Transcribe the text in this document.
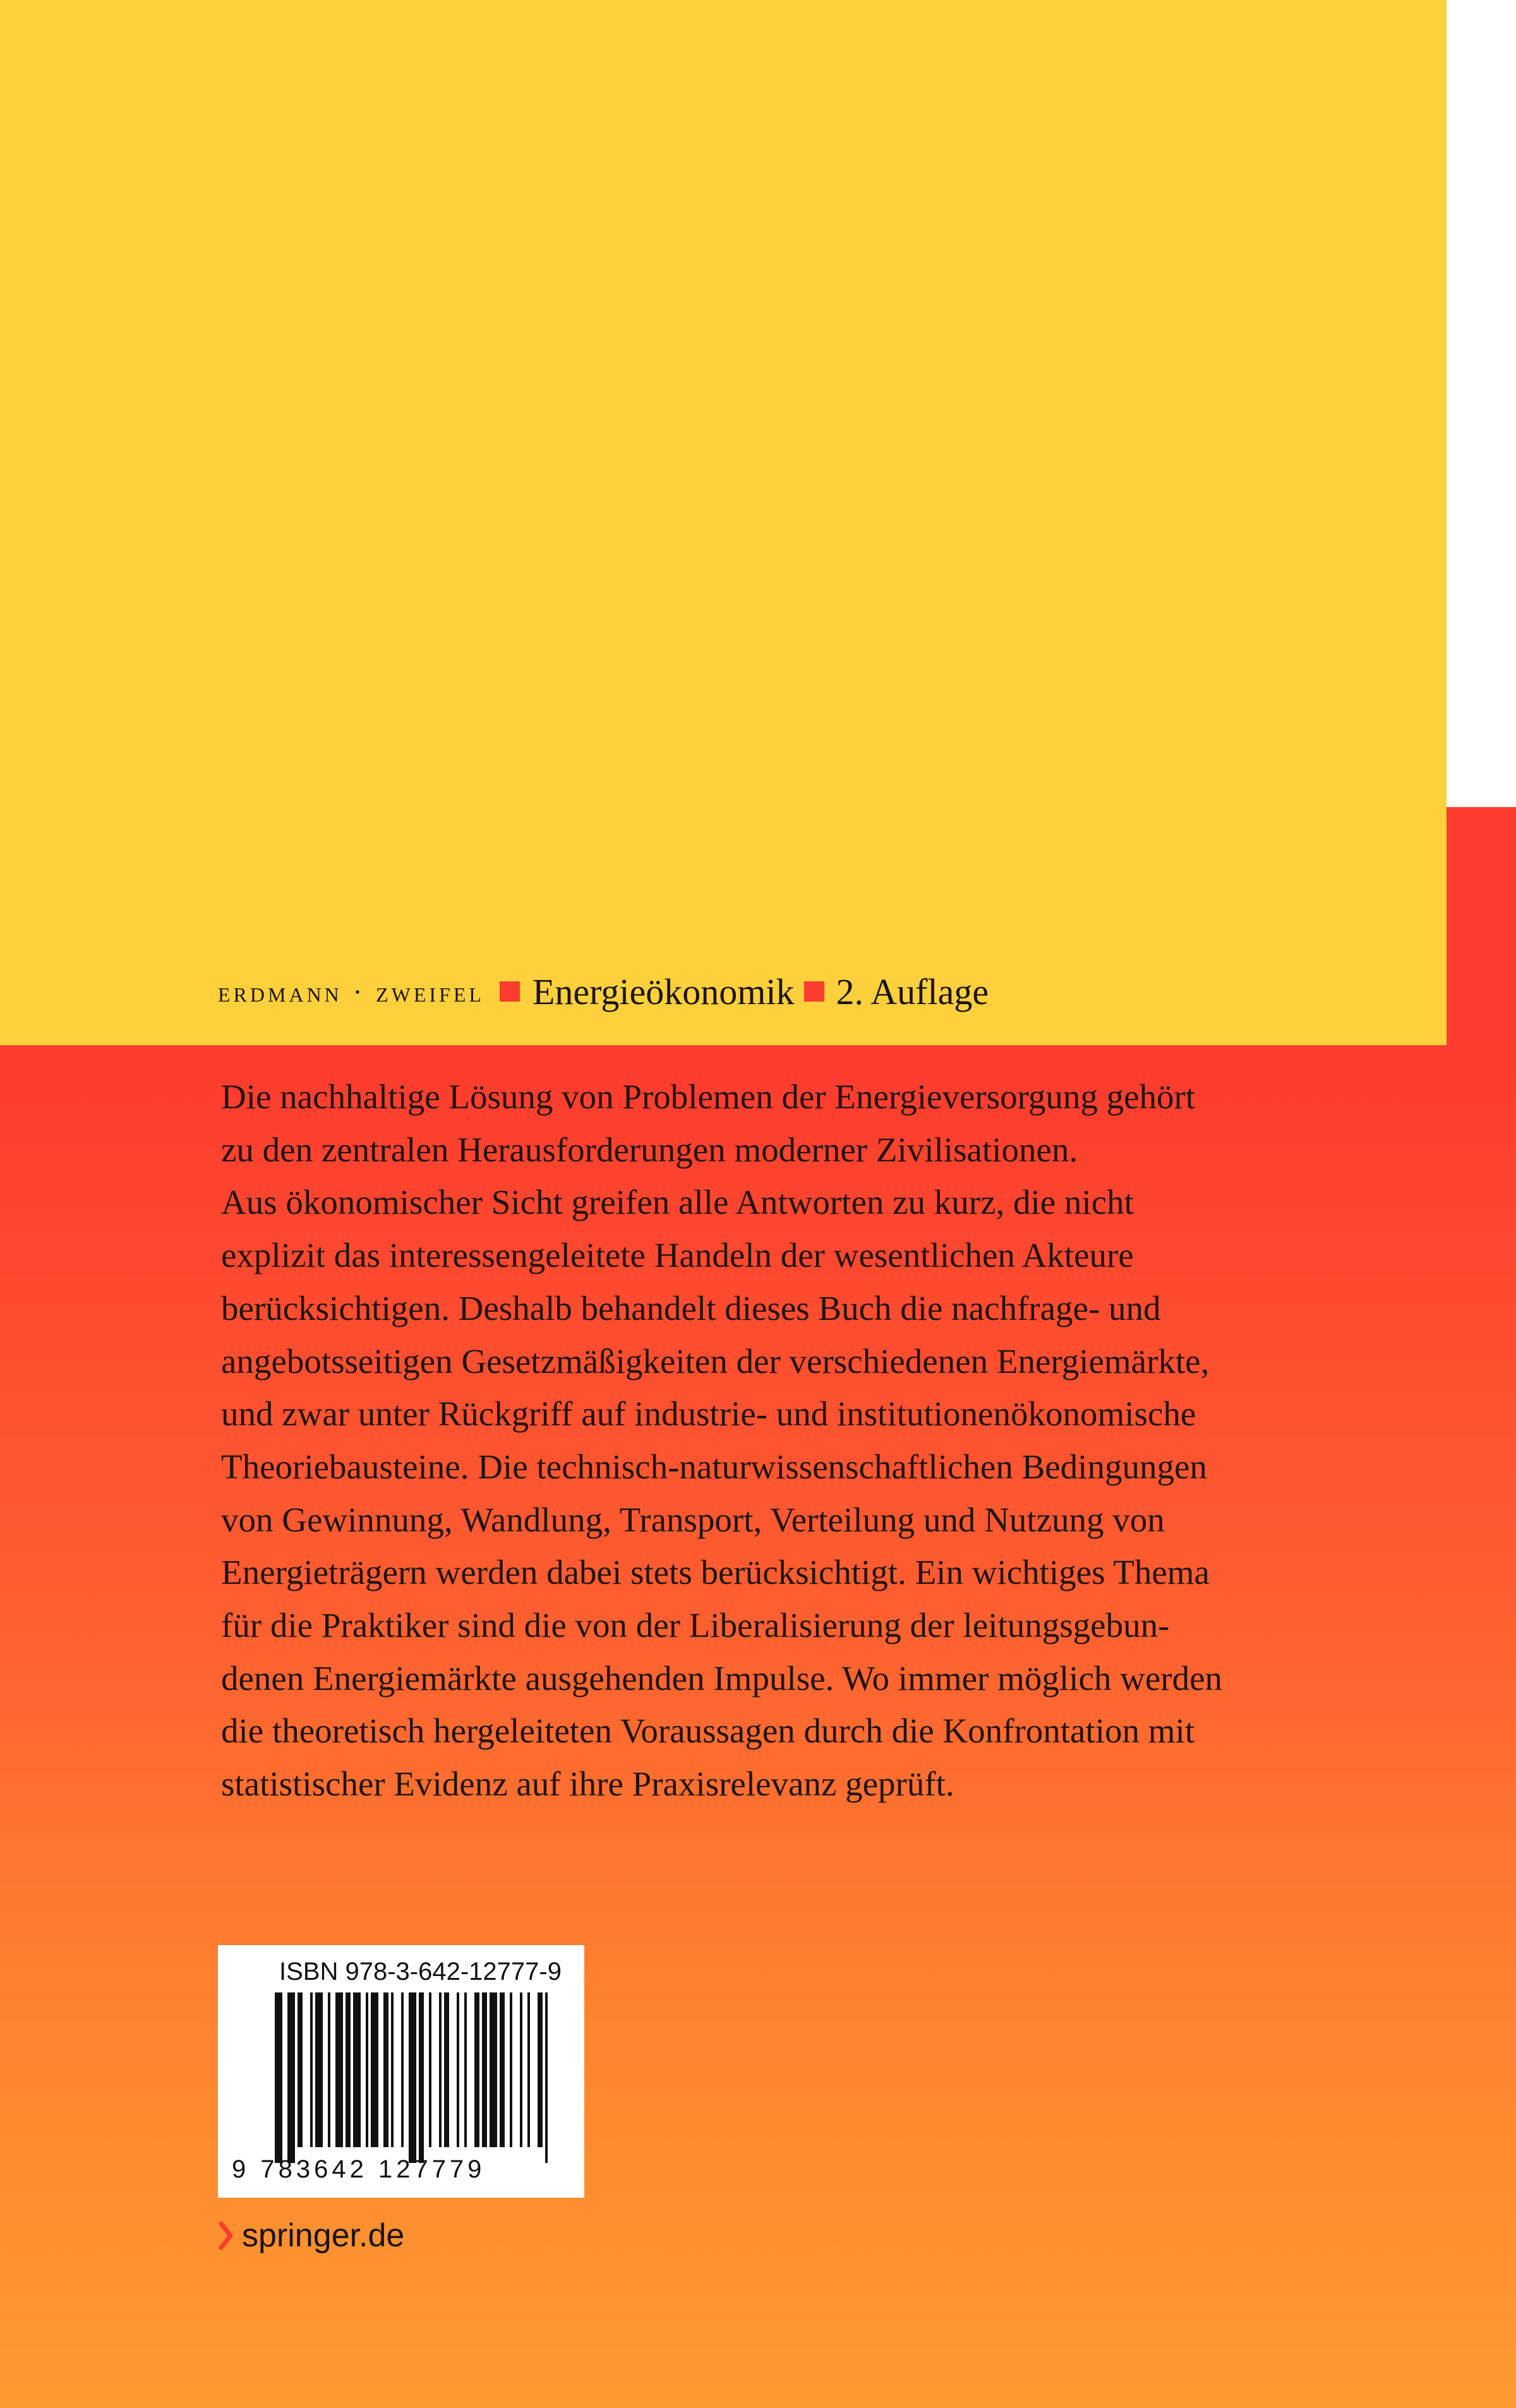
erdmann · zweifel Energieökonomik 2. Auflage
Die nachhaltige Lösung von Problemen der Energieversorgung gehört
zu den zentralen Herausforderungen moderner Zivilisationen.
Aus ökonomischer Sicht greifen alle Antworten zu kurz, die nicht
explizit das interessengeleitete Handeln der wesentlichen Akteure
berücksichtigen. Deshalb behandelt dieses Buch die nachfrage- und
angebotsseitigen Gesetzmäßigkeiten der verschiedenen Energiemärkte,
und zwar unter Rückgriff auf industrie- und institutionenökonomische
Theoriebausteine. Die technisch-naturwissenschaftlichen Bedingungen
von Gewinnung, Wandlung, Transport, Verteilung und Nutzung von
Energieträgern werden dabei stets berücksichtigt. Ein wichtiges Thema
für die Praktiker sind die von der Liberalisierung der leitungsgebun-
denen Energiemärkte ausgehenden Impulse. Wo immer möglich werden
die theoretisch hergeleiteten Voraussagen durch die Konfrontation mit
statistischer Evidenz auf ihre Praxisrelevanz geprüft.
ISBN 978-3-642-12777-9
9 783642 127779
springer.de
